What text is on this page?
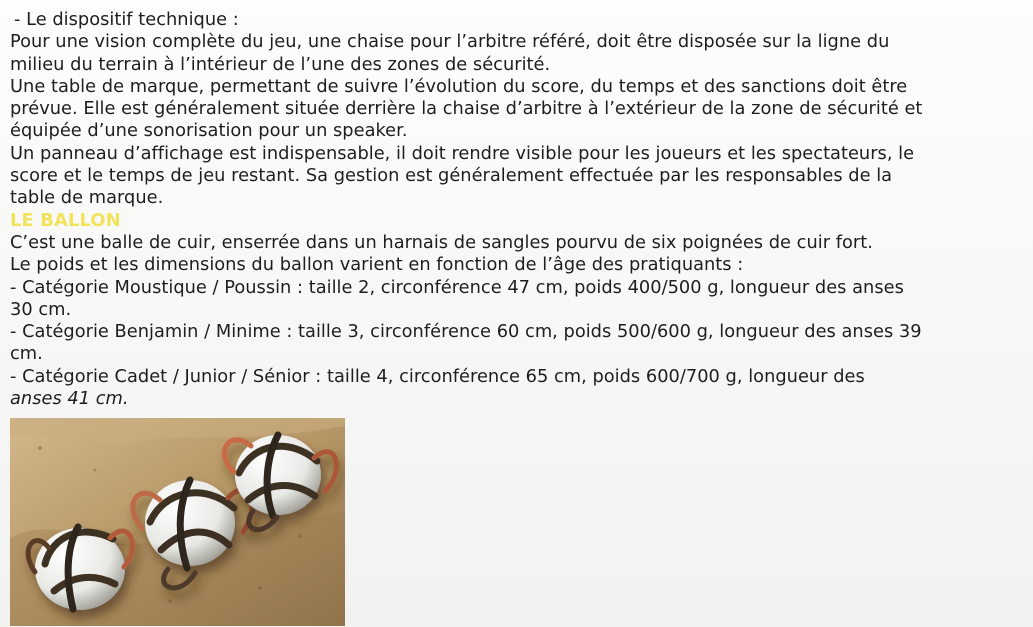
- Le dispositif technique :
Pour une vision complète du jeu, une chaise pour l’arbitre référé, doit être disposée sur la ligne du
milieu du terrain à l’intérieur de l’une des zones de sécurité.
Une table de marque, permettant de suivre l’évolution du score, du temps et des sanctions doit être
prévue. Elle est généralement située derrière la chaise d’arbitre à l’extérieur de la zone de sécurité et
équipée d’une sonorisation pour un speaker.
Un panneau d’affichage est indispensable, il doit rendre visible pour les joueurs et les spectateurs, le
score et le temps de jeu restant. Sa gestion est généralement effectuée par les responsables de la
table de marque.
LE BALLON
C’est une balle de cuir, enserrée dans un harnais de sangles pourvu de six poignées de cuir fort.
Le poids et les dimensions du ballon varient en fonction de l’âge des pratiquants :
- Catégorie Moustique / Poussin : taille 2, circonférence 47 cm, poids 400/500 g, longueur des anses
30 cm.
- Catégorie Benjamin / Minime : taille 3, circonférence 60 cm, poids 500/600 g, longueur des anses 39
cm.
- Catégorie Cadet / Junior / Sénior : taille 4, circonférence 65 cm, poids 600/700 g, longueur des
anses 41 cm.
